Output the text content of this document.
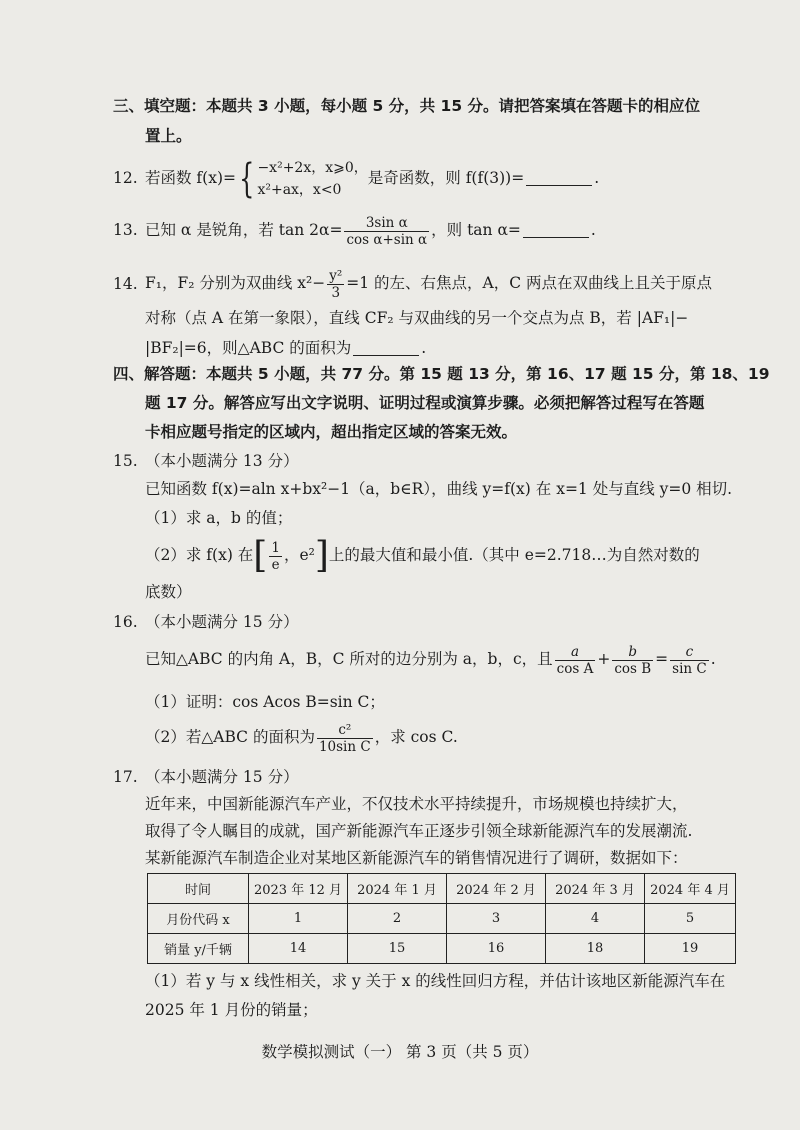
三、填空题：本题共 3 小题，每小题 5 分，共 15 分。请把答案填在答题卡的相应位
置上。
12. 若函数 f(x)={ −x²+2x，x⩾0，
x²+ax，x<0
是奇函数，则 f(f(3))=	.
13. 已知 α 是锐角，若 $\tan 2\alpha= \frac{\text{3sin α}}{\text{cos α+sin α}}$ ，则 tan α=	.
14. F₁，F₂ 分别为双曲线 $x^2- \frac{\text{y²}}{3} =1$ 的左、右焦点，A，C 两点在双曲线上且关于原点
对称（点 A 在第一象限），直线 CF₂ 与双曲线的另一个交点为点 B，若 |AF₁|−
|BF₂|=6，则△ABC 的面积为	.
四、解答题：本题共 5 小题，共 77 分。第 15 题 13 分，第 16、17 题 15 分，第 18、19
题 17 分。解答应写出文字说明、证明过程或演算步骤。必须把解答过程写在答题
卡相应题号指定的区域内，超出指定区域的答案无效。
15. （本小题满分 13 分）
已知函数 f(x)=aln x+bx²−1（a，b∈R），曲线 y=f(x) 在 x=1 处与直线 y=0 相切.
（1）求 a，b 的值；
（2）求 f(x) 在[ $\frac{1}{e}$ ，e²]上的最大值和最小值.（其中 e=2.718…为自然对数的
底数）
16. （本小题满分 15 分）
已知△ABC 的内角 A，B，C 所对的边分别为 a，b，c，且 $\frac{a}{\text{cos A}} + \frac{b}{\text{cos B}} = \frac{c}{\text{sin C}}$ .
（1）证明：cos Acos B=sin C；
（2）若△ABC 的面积为 $\frac{\text{c²}}{\text{10sin C}}$ ，求 cos C.
17. （本小题满分 15 分）
近年来，中国新能源汽车产业，不仅技术水平持续提升，市场规模也持续扩大，
取得了令人瞩目的成就，国产新能源汽车正逐步引领全球新能源汽车的发展潮流.
某新能源汽车制造企业对某地区新能源汽车的销售情况进行了调研，数据如下：
时间	2023 年 12 月	2024 年 1 月	2024 年 2 月	2024 年 3 月	2024 年 4 月
月份代码 x	1	2	3	4	5
销量 y/千辆	14	15	16	18	19
（1）若 y 与 x 线性相关，求 y 关于 x 的线性回归方程，并估计该地区新能源汽车在
2025 年 1 月份的销量；
数学模拟测试（一） 第 3 页（共 5 页）
